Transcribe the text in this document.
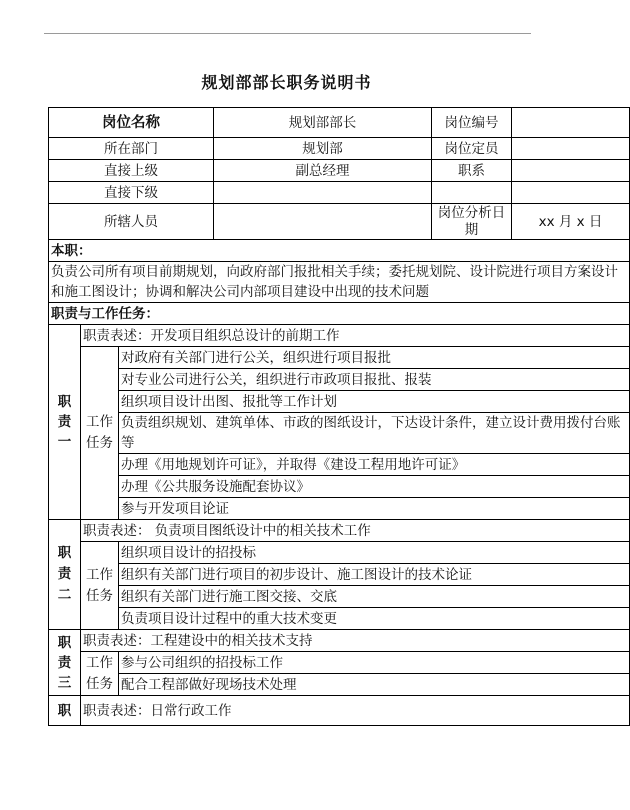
规划部部长职务说明书
岗位名称			规划部部长	岗位编号	
所在部门			规划部	岗位定员	
直接上级			副总经理	职系	
直接下级					
所辖人员				岗位分析日期	xx 月 x 日
本职：					
负责公司所有项目前期规划，向政府部门报批相关手续；委托规划院、设计院进行项目方案设计和施工图设计；协调和解决公司内部项目建设中出现的技术问题					
职责与工作任务：					
职责一	职责表述：开发项目组织总设计的前期工作				
	工作任务	对政府有关部门进行公关，组织进行项目报批			
		对专业公司进行公关，组织进行市政项目报批、报装			
		组织项目设计出图、报批等工作计划			
		负责组织规划、建筑单体、市政的图纸设计，下达设计条件，建立设计费用拨付台账等			
		办理《用地规划许可证》，并取得《建设工程用地许可证》			
		办理《公共服务设施配套协议》			
		参与开发项目论证			
职责二	职责表述： 负责项目图纸设计中的相关技术工作				
	工作任务	组织项目设计的招投标			
		组织有关部门进行项目的初步设计、施工图设计的技术论证			
		组织有关部门进行施工图交接、交底			
		负责项目设计过程中的重大技术变更			
职责三	职责表述：工程建设中的相关技术支持				
	工作任务	参与公司组织的招投标工作			
		配合工程部做好现场技术处理			
职	职责表述：日常行政工作				
